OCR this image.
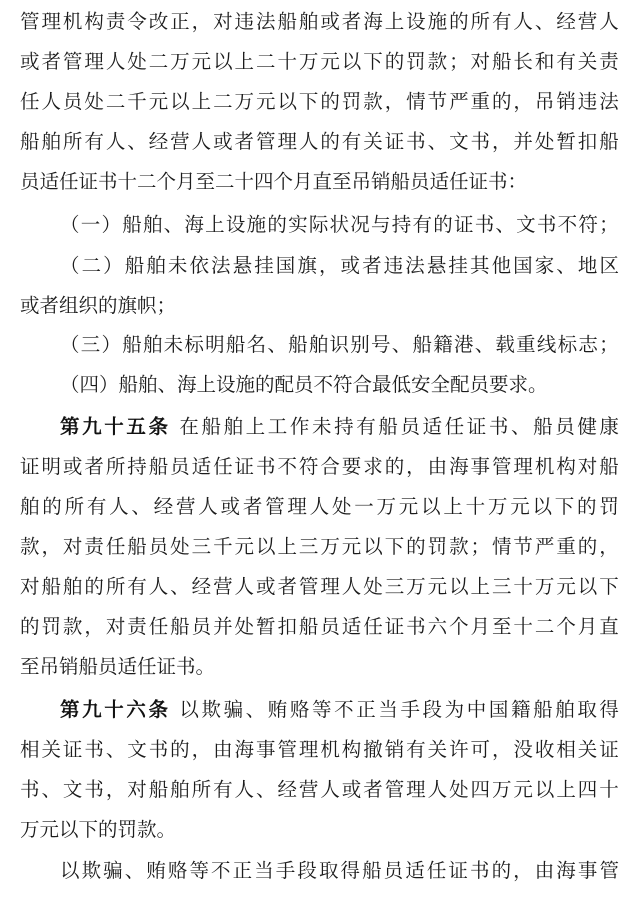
管 理 机 构 责 令 改 正 ， 对 违 法 船 舶 或 者 海 上 设 施 的 所 有 人 、 经 营 人
或 者 管 理 人 处 二 万 元 以 上 二 十 万 元 以 下 的 罚 款 ； 对 船 长 和 有 关 责
任 人 员 处 二 千 元 以 上 二 万 元 以 下 的 罚 款 ， 情 节 严 重 的 ， 吊 销 违 法
船 舶 所 有 人 、 经 营 人 或 者 管 理 人 的 有 关 证 书 、 文 书 ， 并 处 暂 扣 船
员适任证书十二个月至二十四个月直至吊销船员适任证书：
（ 一 ） 船 舶 、 海 上 设 施 的 实 际 状 况 与 持 有 的 证 书 、 文 书 不 符 ；
（ 二 ） 船 舶 未 依 法 悬 挂 国 旗 ， 或 者 违 法 悬 挂 其 他 国 家 、 地 区
或者组织的旗帜；
（ 三 ） 船 舶 未 标 明 船 名 、 船 舶 识 别 号 、 船 籍 港 、 载 重 线 标 志 ；
（四）船舶、海上设施的配员不符合最低安全配员要求。
第 九 十 五 条
在 船 舶 上 工 作 未 持 有 船 员 适 任 证 书 、 船 员 健 康
证 明 或 者 所 持 船 员 适 任 证 书 不 符 合 要 求 的 ， 由 海 事 管 理 机 构 对 船
舶 的 所 有 人 、 经 营 人 或 者 管 理 人 处 一 万 元 以 上 十 万 元 以 下 的 罚
款 ， 对 责 任 船 员 处 三 千 元 以 上 三 万 元 以 下 的 罚 款 ； 情 节 严 重 的 ，
对 船 舶 的 所 有 人 、 经 营 人 或 者 管 理 人 处 三 万 元 以 上 三 十 万 元 以 下
的 罚 款 ， 对 责 任 船 员 并 处 暂 扣 船 员 适 任 证 书 六 个 月 至 十 二 个 月 直
至吊销船员适任证书。
第 九 十 六 条
以 欺 骗 、 贿 赂 等 不 正 当 手 段 为 中 国 籍 船 舶 取 得
相 关 证 书 、 文 书 的 ， 由 海 事 管 理 机 构 撤 销 有 关 许 可 ， 没 收 相 关 证
书 、 文 书 ， 对 船 舶 所 有 人 、 经 营 人 或 者 管 理 人 处 四 万 元 以 上 四 十
万元以下的罚款。
以 欺 骗 、 贿 赂 等 不 正 当 手 段 取 得 船 员 适 任 证 书 的 ， 由 海 事 管
